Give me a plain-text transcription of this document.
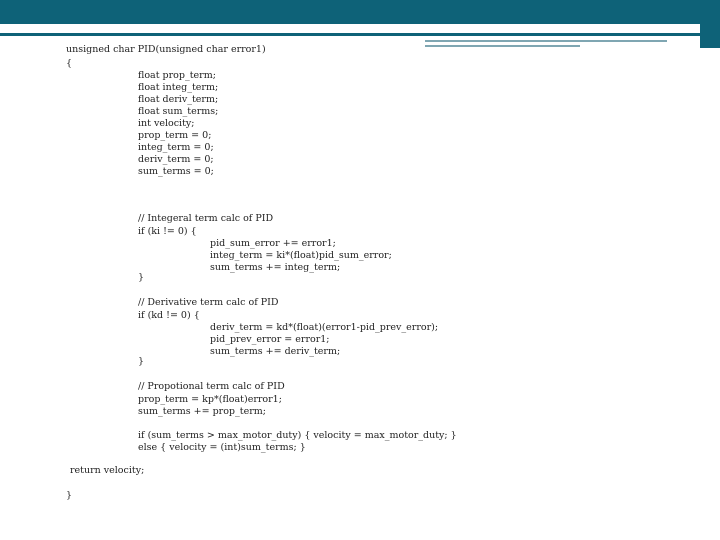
unsigned char PID(unsigned char error1)

{

float prop_term;

float integ_term;

float deriv_term;

float sum_terms;

int velocity;

prop_term = 0;

integ_term = 0;

deriv_term = 0;

sum_terms = 0;

// Integeral term calc of PID

if (ki != 0) {

pid_sum_error += error1;

integ_term = ki*(float)pid_sum_error;

sum_terms += integ_term;

}

// Derivative term calc of PID

if (kd != 0) {

deriv_term = kd*(float)(error1-pid_prev_error);

pid_prev_error = error1;

sum_terms += deriv_term;

}

// Propotional term calc of PID

prop_term = kp*(float)error1;

sum_terms += prop_term;

if (sum_terms > max_motor_duty) { velocity = max_motor_duty; }

else { velocity = (int)sum_terms; }

return velocity;

}
